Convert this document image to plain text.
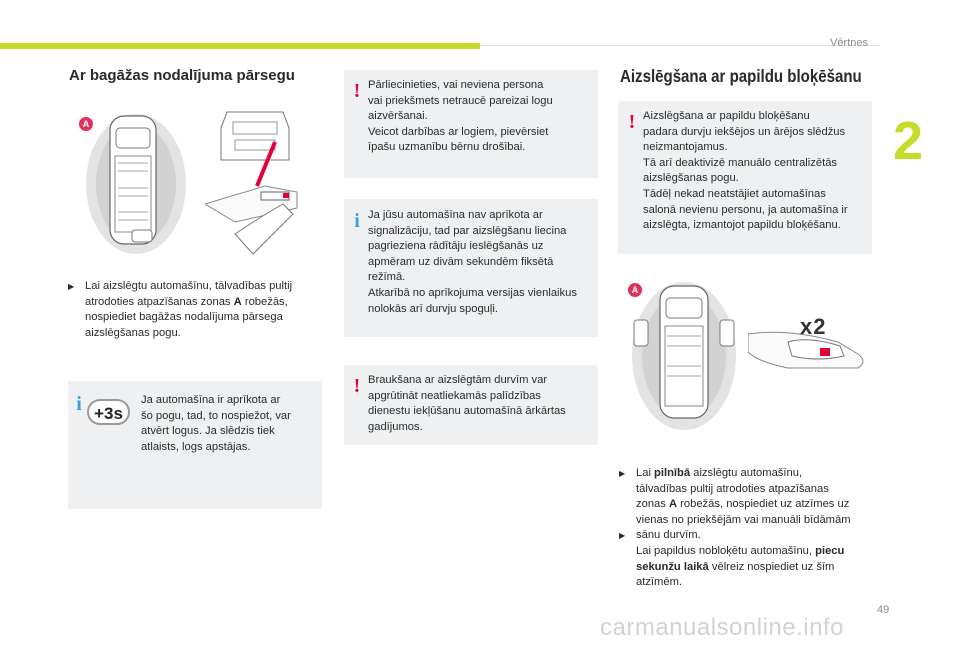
Vērtnes
2
Ar bagāžas nodalījuma pārsegu
A
▶ Lai aizslēgtu automašīnu, tālvadības pultij
atrodoties atpazīšanas zonas A robežās,
nospiediet bagāžas nodalījuma pārsega
aizslēgšanas pogu.
i +3s
Ja automašīna ir aprīkota ar
šo pogu, tad, to nospiežot, var
atvērt logus. Ja slēdzis tiek
atlaists, logs apstājas.
! Pārliecinieties, vai neviena persona
vai priekšmets netraucē pareizai logu
aizvēršanai.
Veicot darbības ar logiem, pievērsiet
īpašu uzmanību bērnu drošībai.
i Ja jūsu automašīna nav aprīkota ar
signalizāciju, tad par aizslēgšanu liecina
pagrieziena rādītāju ieslēgšanās uz
apmēram uz divām sekundēm fiksētā
režīmā.
Atkarībā no aprīkojuma versijas vienlaikus
nolokās arī durvju spoguļi.
! Braukšana ar aizslēgtām durvīm var
apgrūtināt neatliekamās palīdzības
dienestu iekļūšanu automašīnā ārkārtas
gadījumos.
Aizslēgšana ar papildu bloķēšanu
! Aizslēgšana ar papildu bloķēšanu
padara durvju iekšējos un ārējos slēdžus
neizmantojamus.
Tā arī deaktivizē manuālo centralizētās
aizslēgšanas pogu.
Tādēļ nekad neatstājiet automašīnas
salonā nevienu personu, ja automašīna ir
aizslēgta, izmantojot papildu bloķēšanu.
A
x2
▶
▶
Lai pilnībā aizslēgtu automašīnu,
tālvadības pultij atrodoties atpazīšanas
zonas A robežās, nospiediet uz atzīmes uz
vienas no priekšējām vai manuāli bīdāmām
sānu durvīm.
Lai papildus nobloķētu automašīnu, piecu
sekunžu laikā vēlreiz nospiediet uz šīm
atzīmēm.
49
carmanualsonline.info
